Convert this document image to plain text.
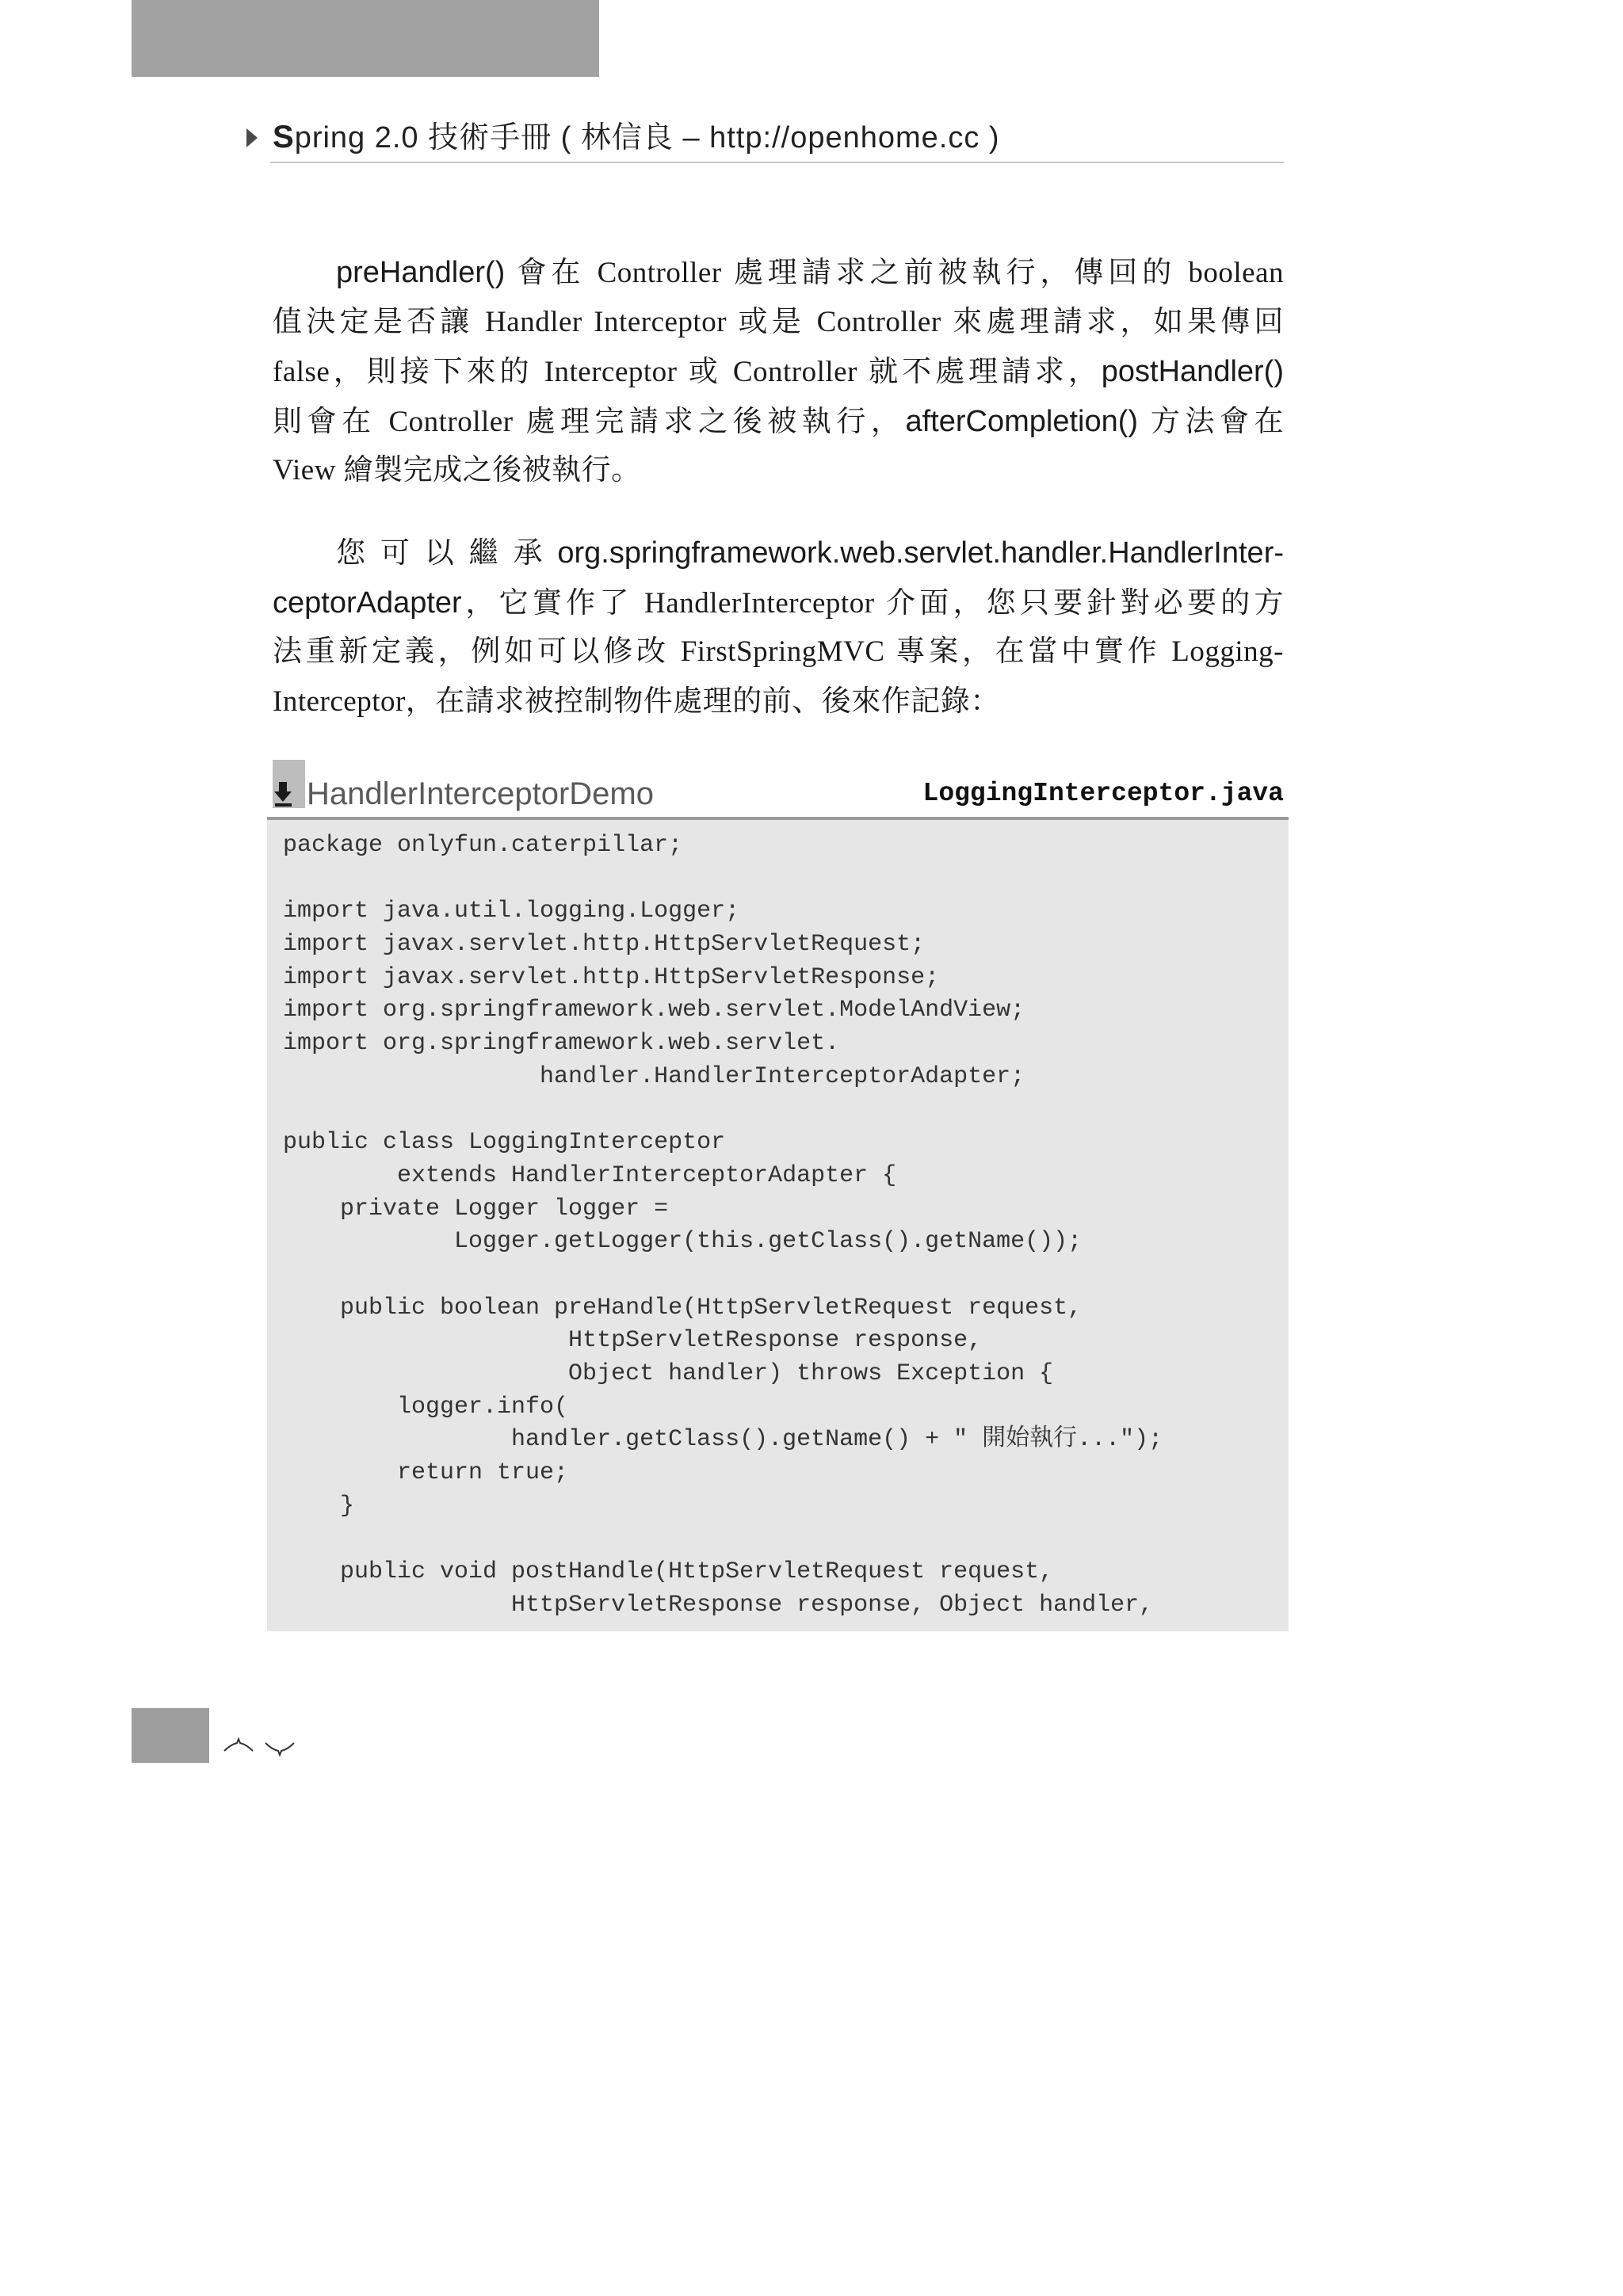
Spring 2.0 技術手冊 ( 林信良 – http://openhome.cc )
preHandler() 會在 Controller 處理請求之前被執行，傳回的 boolean
值決定是否讓 Handler Interceptor 或是 Controller 來處理請求，如果傳回
false，則接下來的 Interceptor 或 Controller 就不處理請求，postHandler()
則會在 Controller 處理完請求之後被執行，afterCompletion() 方法會在
View 繪製完成之後被執行。
您可以繼承org.springframework.web.servlet.handler.HandlerInter-
ceptorAdapter，它實作了 HandlerInterceptor 介面，您只要針對必要的方
法重新定義，例如可以修改 FirstSpringMVC 專案，在當中實作 Logging-
Interceptor，在請求被控制物件處理的前、後來作記錄：
HandlerInterceptorDemo	LoggingInterceptor.java
package onlyfun.caterpillar;
import java.util.logging.Logger;
import javax.servlet.http.HttpServletRequest;
import javax.servlet.http.HttpServletResponse;
import org.springframework.web.servlet.ModelAndView;
import org.springframework.web.servlet.
handler.HandlerInterceptorAdapter;
public class LoggingInterceptor
extends HandlerInterceptorAdapter {
private Logger logger =
Logger.getLogger(this.getClass().getName());
public boolean preHandle(HttpServletRequest request,
HttpServletResponse response,
Object handler) throws Exception {
logger.info(
handler.getClass().getName() + " 開始執行...");
return true;
}
public void postHandle(HttpServletRequest request,
HttpServletResponse response, Object handler,
